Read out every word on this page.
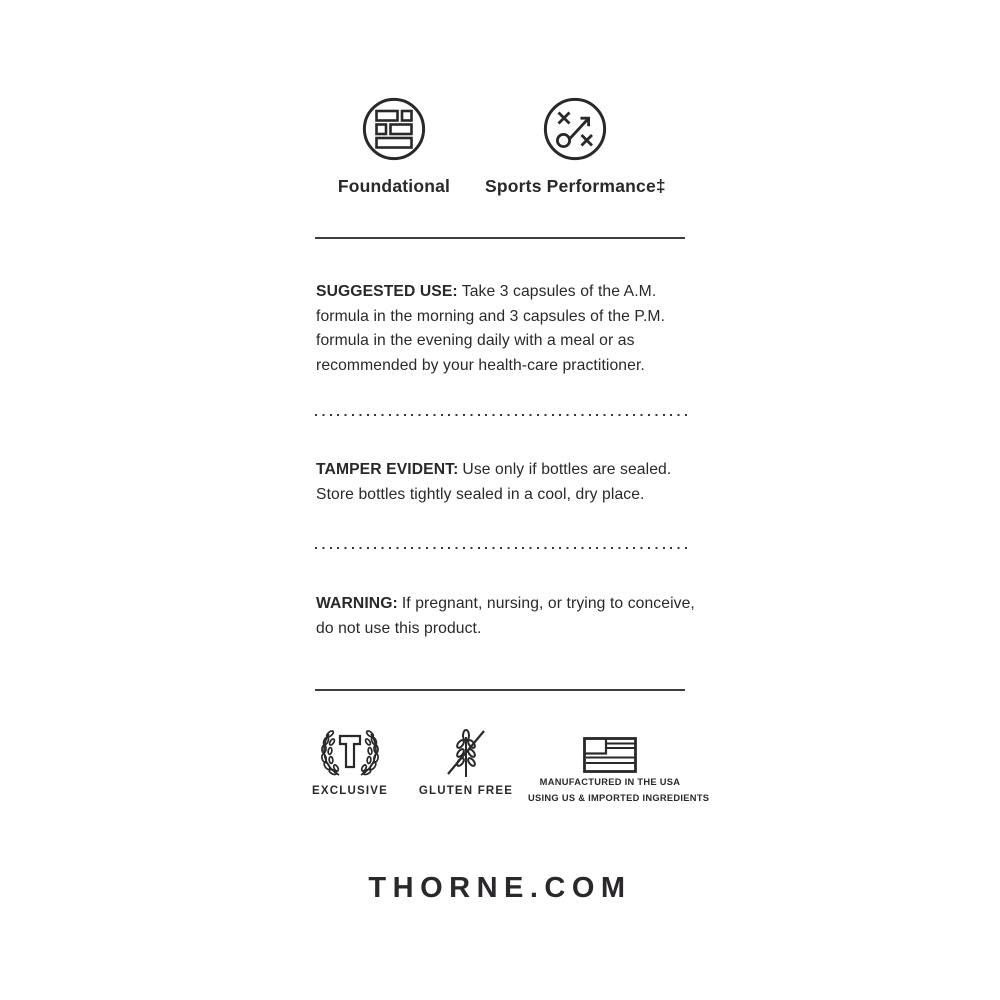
Foundational	Sports Performance‡

SUGGESTED USE: Take 3 capsules of the A.M. formula in the morning and 3 capsules of the P.M. formula in the evening daily with a meal or as recommended by your health-care practitioner.

TAMPER EVIDENT: Use only if bottles are sealed. Store bottles tightly sealed in a cool, dry place.

WARNING: If pregnant, nursing, or trying to conceive, do not use this product.

EXCLUSIVE	GLUTEN FREE
MANUFACTURED IN THE USA
USING US & IMPORTED INGREDIENTS
THORNE.COM
